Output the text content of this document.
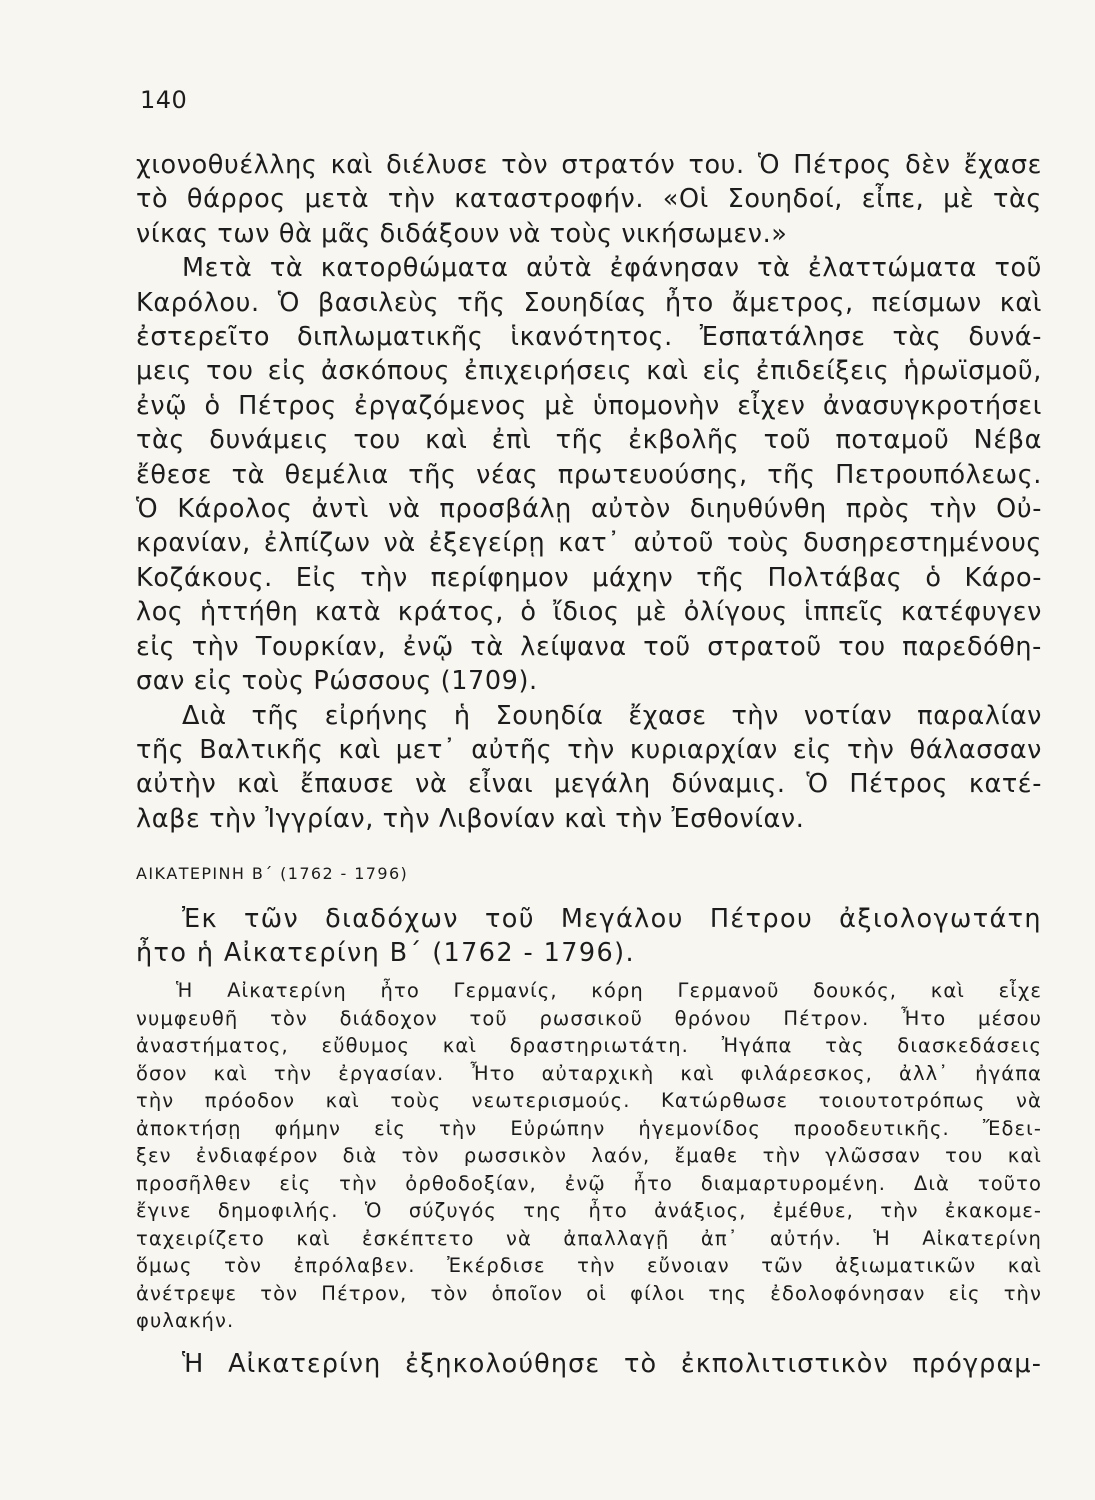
140
χιονοθυέλλης καὶ διέλυσε τὸν στρατόν του. Ὁ Πέτρος δὲν ἔχασε
τὸ θάρρος μετὰ τὴν καταστροφήν. «Οἱ Σουηδοί, εἶπε, μὲ τὰς
νίκας των θὰ μᾶς διδάξουν νὰ τοὺς νικήσωμεν.»
Μετὰ τὰ κατορθώματα αὐτὰ ἐφάνησαν τὰ ἐλαττώματα τοῦ
Καρόλου. Ὁ βασιλεὺς τῆς Σουηδίας ἦτο ἄμετρος, πείσμων καὶ
ἐστερεῖτο διπλωματικῆς ἱκανότητος. Ἐσπατάλησε τὰς δυνά-
μεις του εἰς ἀσκόπους ἐπιχειρήσεις καὶ εἰς ἐπιδείξεις ἡρωϊσμοῦ,
ἐνῷ ὁ Πέτρος ἐργαζόμενος μὲ ὑπομονὴν εἶχεν ἀνασυγκροτήσει
τὰς δυνάμεις του καὶ ἐπὶ τῆς ἐκβολῆς τοῦ ποταμοῦ Νέβα
ἔθεσε τὰ θεμέλια τῆς νέας πρωτευούσης, τῆς Πετρουπόλεως.
Ὁ Κάρολος ἀντὶ νὰ προσβάλῃ αὐτὸν διηυθύνθη πρὸς τὴν Οὐ-
κρανίαν, ἐλπίζων νὰ ἐξεγείρῃ κατ᾽ αὐτοῦ τοὺς δυσηρεστημένους
Κοζάκους. Εἰς τὴν περίφημον μάχην τῆς Πολτάβας ὁ Κάρο-
λος ἡττήθη κατὰ κράτος, ὁ ἴδιος μὲ ὀλίγους ἱππεῖς κατέφυγεν
εἰς τὴν Τουρκίαν, ἐνῷ τὰ λείψανα τοῦ στρατοῦ του παρεδόθη-
σαν εἰς τοὺς Ρώσσους (1709).
Διὰ τῆς εἰρήνης ἡ Σουηδία ἔχασε τὴν νοτίαν παραλίαν
τῆς Βαλτικῆς καὶ μετ᾽ αὐτῆς τὴν κυριαρχίαν εἰς τὴν θάλασσαν
αὐτὴν καὶ ἔπαυσε νὰ εἶναι μεγάλη δύναμις. Ὁ Πέτρος κατέ-
λαβε τὴν Ἰγγρίαν, τὴν Λιβονίαν καὶ τὴν Ἐσθονίαν.
ΑΙΚΑΤΕΡΙΝΗ Β΄ (1762 - 1796)
Ἐκ τῶν διαδόχων τοῦ Μεγάλου Πέτρου ἀξιολογωτάτη
ἦτο ἡ Αἰκατερίνη Β΄ (1762 - 1796).
Ἡ Αἰκατερίνη ἦτο Γερμανίς, κόρη Γερμανοῦ δουκός, καὶ εἶχε
νυμφευθῆ τὸν διάδοχον τοῦ ρωσσικοῦ θρόνου Πέτρον. Ἦτο μέσου
ἀναστήματος, εὔθυμος καὶ δραστηριωτάτη. Ἠγάπα τὰς διασκεδάσεις
ὅσον καὶ τὴν ἐργασίαν. Ἦτο αὐταρχικὴ καὶ φιλάρεσκος, ἀλλ᾽ ἠγάπα
τὴν πρόοδον καὶ τοὺς νεωτερισμούς. Κατώρθωσε τοιουτοτρόπως νὰ
ἀποκτήσῃ φήμην εἰς τὴν Εὐρώπην ἡγεμονίδος προοδευτικῆς. Ἔδει-
ξεν ἐνδιαφέρον διὰ τὸν ρωσσικὸν λαόν, ἔμαθε τὴν γλῶσσαν του καὶ
προσῆλθεν εἰς τὴν ὀρθοδοξίαν, ἐνῷ ἦτο διαμαρτυρομένη. Διὰ τοῦτο
ἔγινε δημοφιλής. Ὁ σύζυγός της ἦτο ἀνάξιος, ἐμέθυε, τὴν ἐκακομε-
ταχειρίζετο καὶ ἐσκέπτετο νὰ ἀπαλλαγῇ ἀπ᾽ αὐτήν. Ἡ Αἰκατερίνη
ὅμως τὸν ἐπρόλαβεν. Ἐκέρδισε τὴν εὔνοιαν τῶν ἀξιωματικῶν καὶ
ἀνέτρεψε τὸν Πέτρον, τὸν ὁποῖον οἱ φίλοι της ἐδολοφόνησαν εἰς τὴν
φυλακήν.
Ἡ Αἰκατερίνη ἐξηκολούθησε τὸ ἐκπολιτιστικὸν πρόγραμ-
